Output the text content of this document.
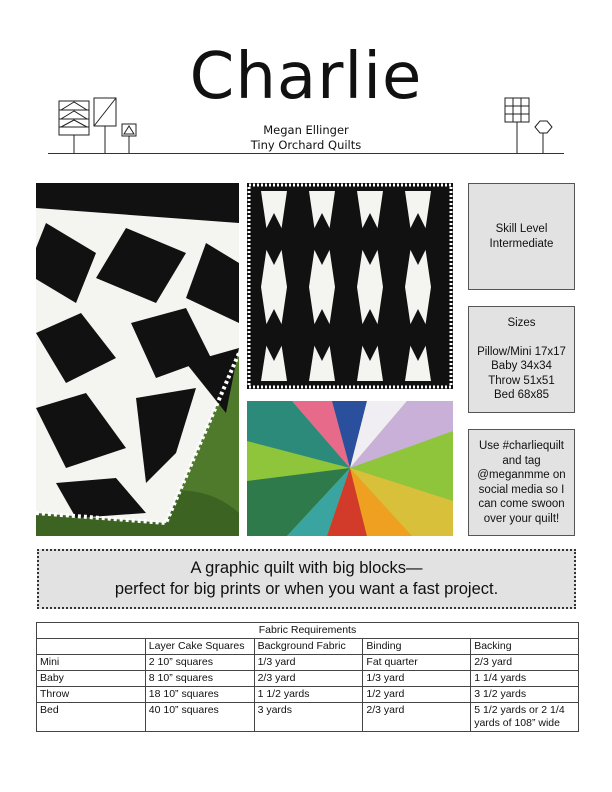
Charlie
Megan Ellinger
Tiny Orchard Quilts
Skill Level
Intermediate
Sizes
Pillow/Mini 17x17
Baby 34x34
Throw 51x51
Bed 68x85
Use #charliequilt
and tag
@meganmme on
social media so I
can come swoon
over your quilt!
A graphic quilt with big blocks—
perfect for big prints or when you want a fast project.
Fabric Requirements				
	Layer Cake Squares	Background Fabric	Binding	Backing
Mini	2 10” squares	1/3 yard	Fat quarter	2/3 yard
Baby	8 10” squares	2/3 yard	1/3 yard	1 1/4 yards
Throw	18 10” squares	1 1/2 yards	1/2 yard	3 1/2 yards
Bed	40 10” squares	3 yards	2/3 yard	5 1/2 yards or 2 1/4 yards of 108” wide
